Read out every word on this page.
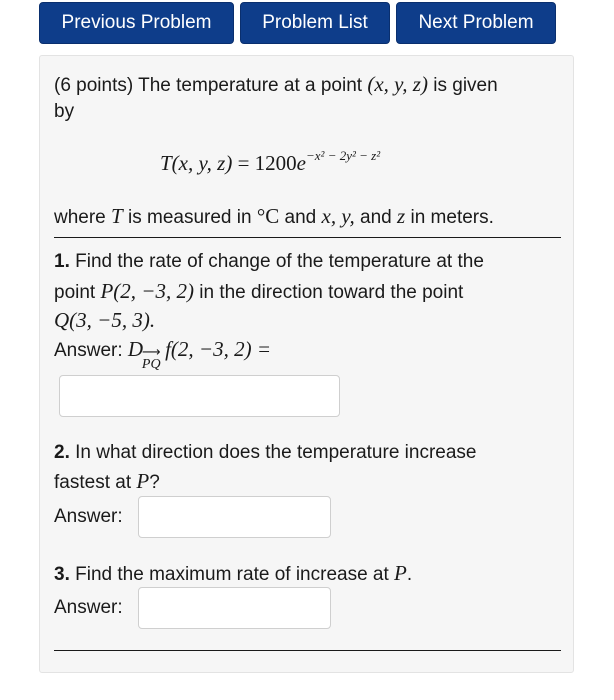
Previous Problem	Problem List	Next Problem
(6 points) The temperature at a point (x, y, z) is given
by
T(x, y, $z) = 1200e^{-x^2 - 2y^2 - z^2}$
where T is measured in °C and x, y, and z in meters.
1. Find the rate of change of the temperature at the
point P(2, −3, 2) in the direction toward the point
Q(3, −5, 3).
Answer: D
⟶
PQ
f(2, −3, 2) =
2. In what direction does the temperature increase
fastest at P?
Answer:
3. Find the maximum rate of increase at P.
Answer:
